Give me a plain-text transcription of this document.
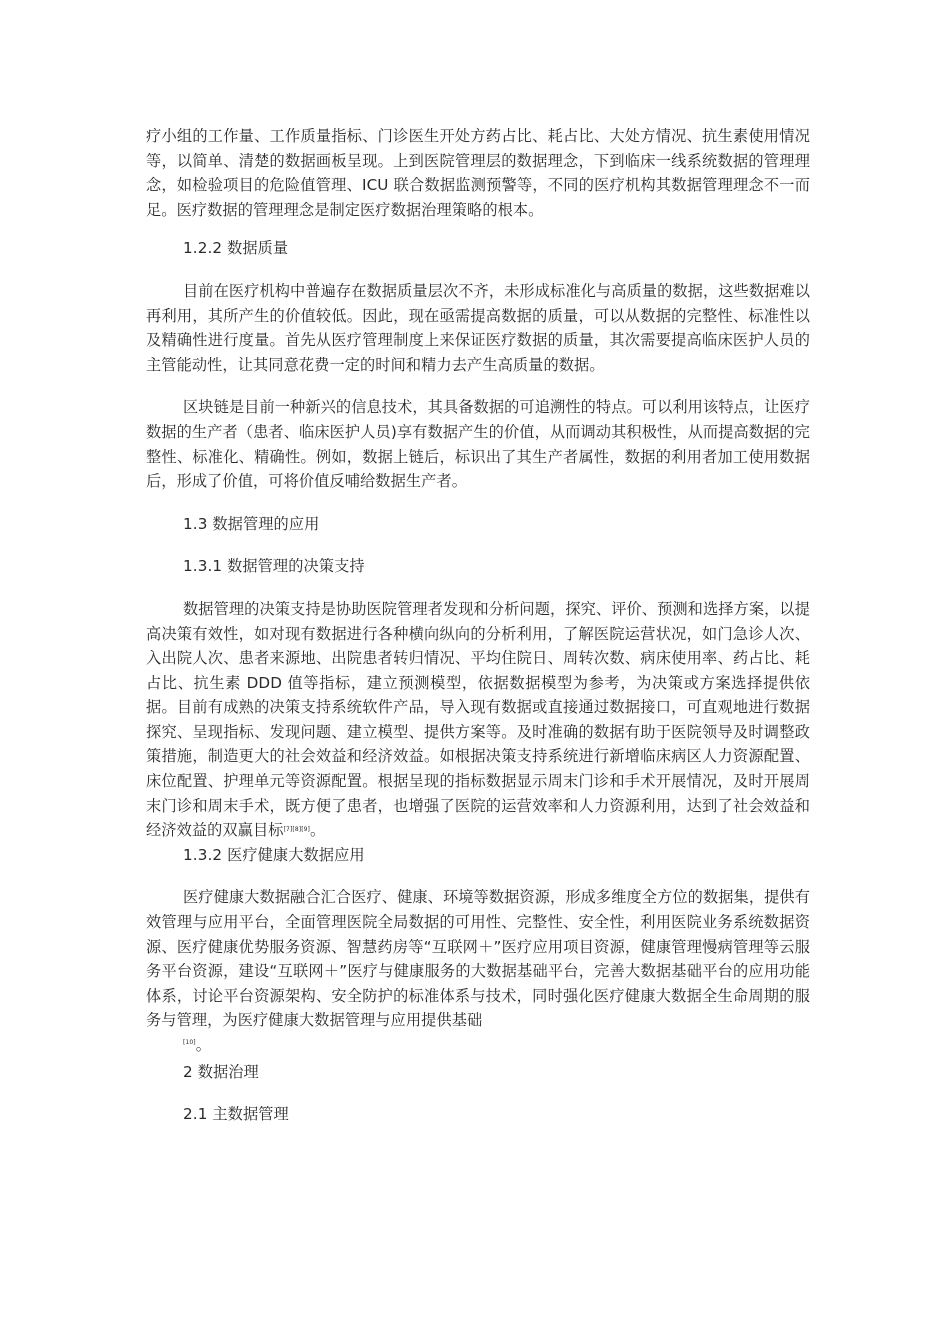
疗小组的工作量、工作质量指标、门诊医生开处方药占比、耗占比、大处方情况、抗生素使用情况等，以简单、清楚的数据画板呈现。上到医院管理层的数据理念，下到临床一线系统数据的管理理念，如检验项目的危险值管理、ICU 联合数据监测预警等，不同的医疗机构其数据管理理念不一而足。医疗数据的管理理念是制定医疗数据治理策略的根本。

1.2.2 数据质量

目前在医疗机构中普遍存在数据质量层次不齐，未形成标准化与高质量的数据，这些数据难以再利用，其所产生的价值较低。因此，现在亟需提高数据的质量，可以从数据的完整性、标准性以及精确性进行度量。首先从医疗管理制度上来保证医疗数据的质量，其次需要提高临床医护人员的主管能动性，让其同意花费一定的时间和精力去产生高质量的数据。

区块链是目前一种新兴的信息技术，其具备数据的可追溯性的特点。可以利用该特点，让医疗数据的生产者（患者、临床医护人员)享有数据产生的价值，从而调动其积极性，从而提高数据的完整性、标准化、精确性。例如，数据上链后，标识出了其生产者属性，数据的利用者加工使用数据后，形成了价值，可将价值反哺给数据生产者。

1.3 数据管理的应用

1.3.1 数据管理的决策支持

数据管理的决策支持是协助医院管理者发现和分析问题，探究、评价、预测和选择方案，以提高决策有效性，如对现有数据进行各种横向纵向的分析利用，了解医院运营状况，如门急诊人次、入出院人次、患者来源地、出院患者转归情况、平均住院日、周转次数、病床使用率、药占比、耗占比、抗生素 DDD 值等指标，建立预测模型，依据数据模型为参考，为决策或方案选择提供依据。目前有成熟的决策支持系统软件产品，导入现有数据或直接通过数据接口，可直观地进行数据探究、呈现指标、发现问题、建立模型、提供方案等。及时准确的数据有助于医院领导及时调整政策措施，制造更大的社会效益和经济效益。如根据决策支持系统进行新增临床病区人力资源配置、床位配置、护理单元等资源配置。根据呈现的指标数据显示周末门诊和手术开展情况，及时开展周末门诊和周末手术，既方便了患者，也增强了医院的运营效率和人力资源利用，达到了社会效益和经济效益的双赢目标[7][8][9]。

1.3.2 医疗健康大数据应用

医疗健康大数据融合汇合医疗、健康、环境等数据资源，形成多维度全方位的数据集，提供有效管理与应用平台，全面管理医院全局数据的可用性、完整性、安全性，利用医院业务系统数据资源、医疗健康优势服务资源、智慧药房等“互联网＋”医疗应用项目资源，健康管理慢病管理等云服务平台资源，建设“互联网＋”医疗与健康服务的大数据基础平台，完善大数据基础平台的应用功能体系，讨论平台资源架构、安全防护的标准体系与技术，同时强化医疗健康大数据全生命周期的服务与管理，为医疗健康大数据管理与应用提供基础

[10]。

2 数据治理

2.1 主数据管理
